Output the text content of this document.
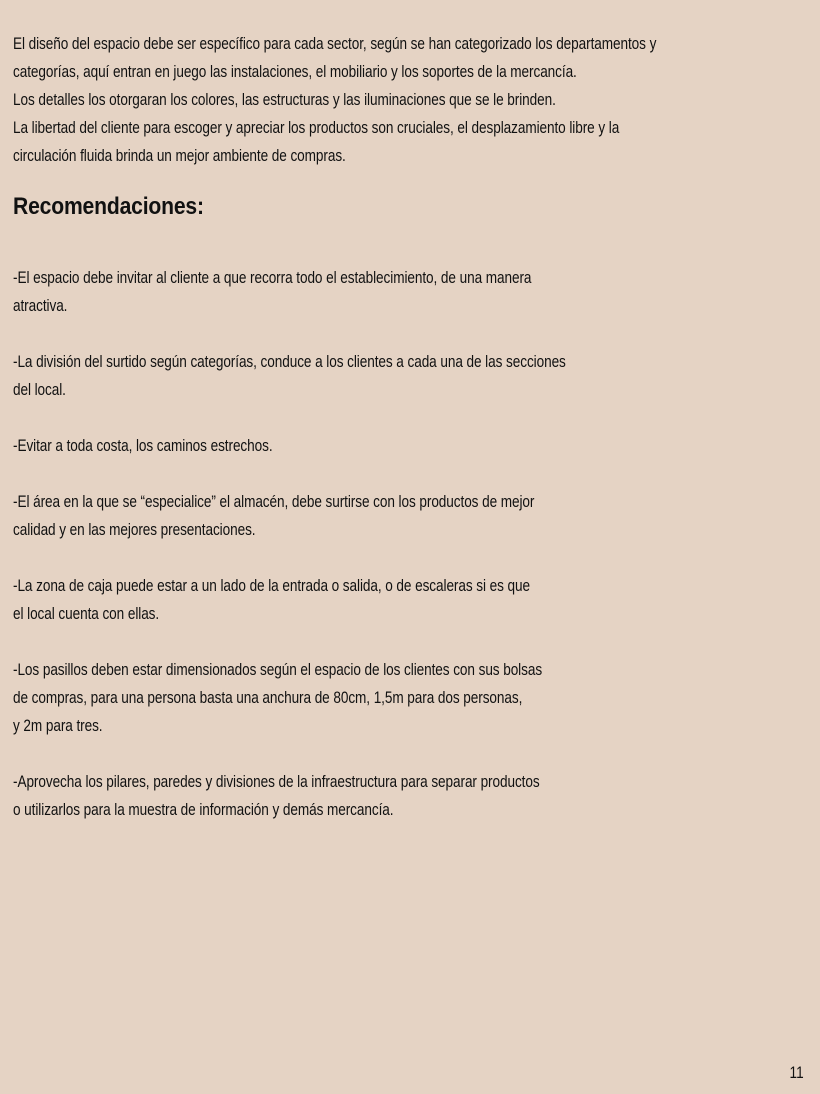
El diseño del espacio debe ser específico para cada sector, según se han categorizado los departamentos y
categorías, aquí entran en juego las instalaciones, el mobiliario y los soportes de la mercancía.
Los detalles los otorgaran los colores, las estructuras y las iluminaciones que se le brinden.
La libertad del cliente para escoger y apreciar los productos son cruciales, el desplazamiento libre y la
circulación fluida brinda un mejor ambiente de compras.
Recomendaciones:
-El espacio debe invitar al cliente a que recorra todo el establecimiento, de una manera
atractiva.
-La división del surtido según categorías, conduce a los clientes a cada una de las secciones
del local.
-Evitar a toda costa, los caminos estrechos.
-El área en la que se “especialice” el almacén, debe surtirse con los productos de mejor
calidad y en las mejores presentaciones.
-La zona de caja puede estar a un lado de la entrada o salida, o de escaleras si es que
el local cuenta con ellas.
-Los pasillos deben estar dimensionados según el espacio de los clientes con sus bolsas
de compras, para una persona basta una anchura de 80cm, 1,5m para dos personas,
y 2m para tres.
-Aprovecha los pilares, paredes y divisiones de la infraestructura para separar productos
o utilizarlos para la muestra de información y demás mercancía.
11
